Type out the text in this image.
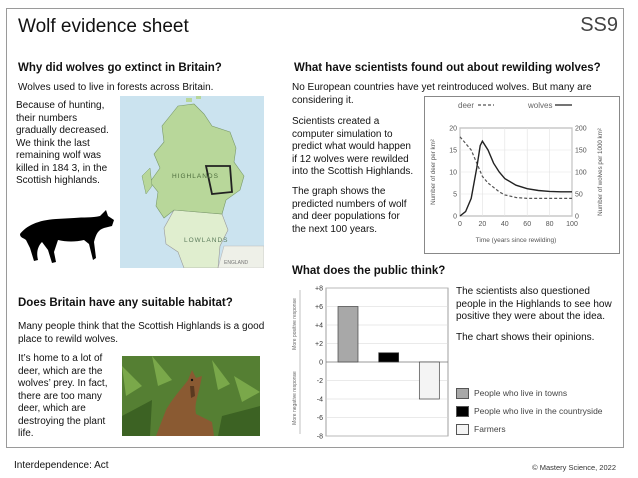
Wolf evidence sheet	SS9
Why did wolves go extinct in Britain?
Wolves used to live in forests across Britain.
Because of hunting, their numbers gradually decreased. We think the last remaining wolf was killed in 184 3, in the Scottish highlands.	HIGHLANDS
LOWLANDS
ENGLAND
What have scientists found out about rewilding wolves?
No European countries have yet reintroduced wolves. But many are considering it.
Scientists created a computer simulation to predict what would happen if 12 wolves were rewilded into the Scottish Highlands.
The graph shows the predicted numbers of wolf and deer populations for the next 100 years.
deer	wolves
0
5
10
15
20
0
50
100
150
200
0 20 40 60 80 100
Time (years since rewilding)
Number of deer per km²	Number of wolves per 1000 km²
Does Britain have any suitable habitat?
Many people think that the Scottish Highlands is a good place to rewild wolves.
It’s home to a lot of deer, which are the wolves’ prey. In fact, there are too many deer, which are destroying the plant life.
What does the public think?
The scientists also questioned people in the Highlands to see how positive they were about the idea.
The chart shows their opinions.
+8
+6
+4
+2
0
-2
-4
-6
-8
More positive response
More negative response	People who live in towns
People who live in the countryside
Farmers
Interdependence: Act	© Mastery Science, 2022
